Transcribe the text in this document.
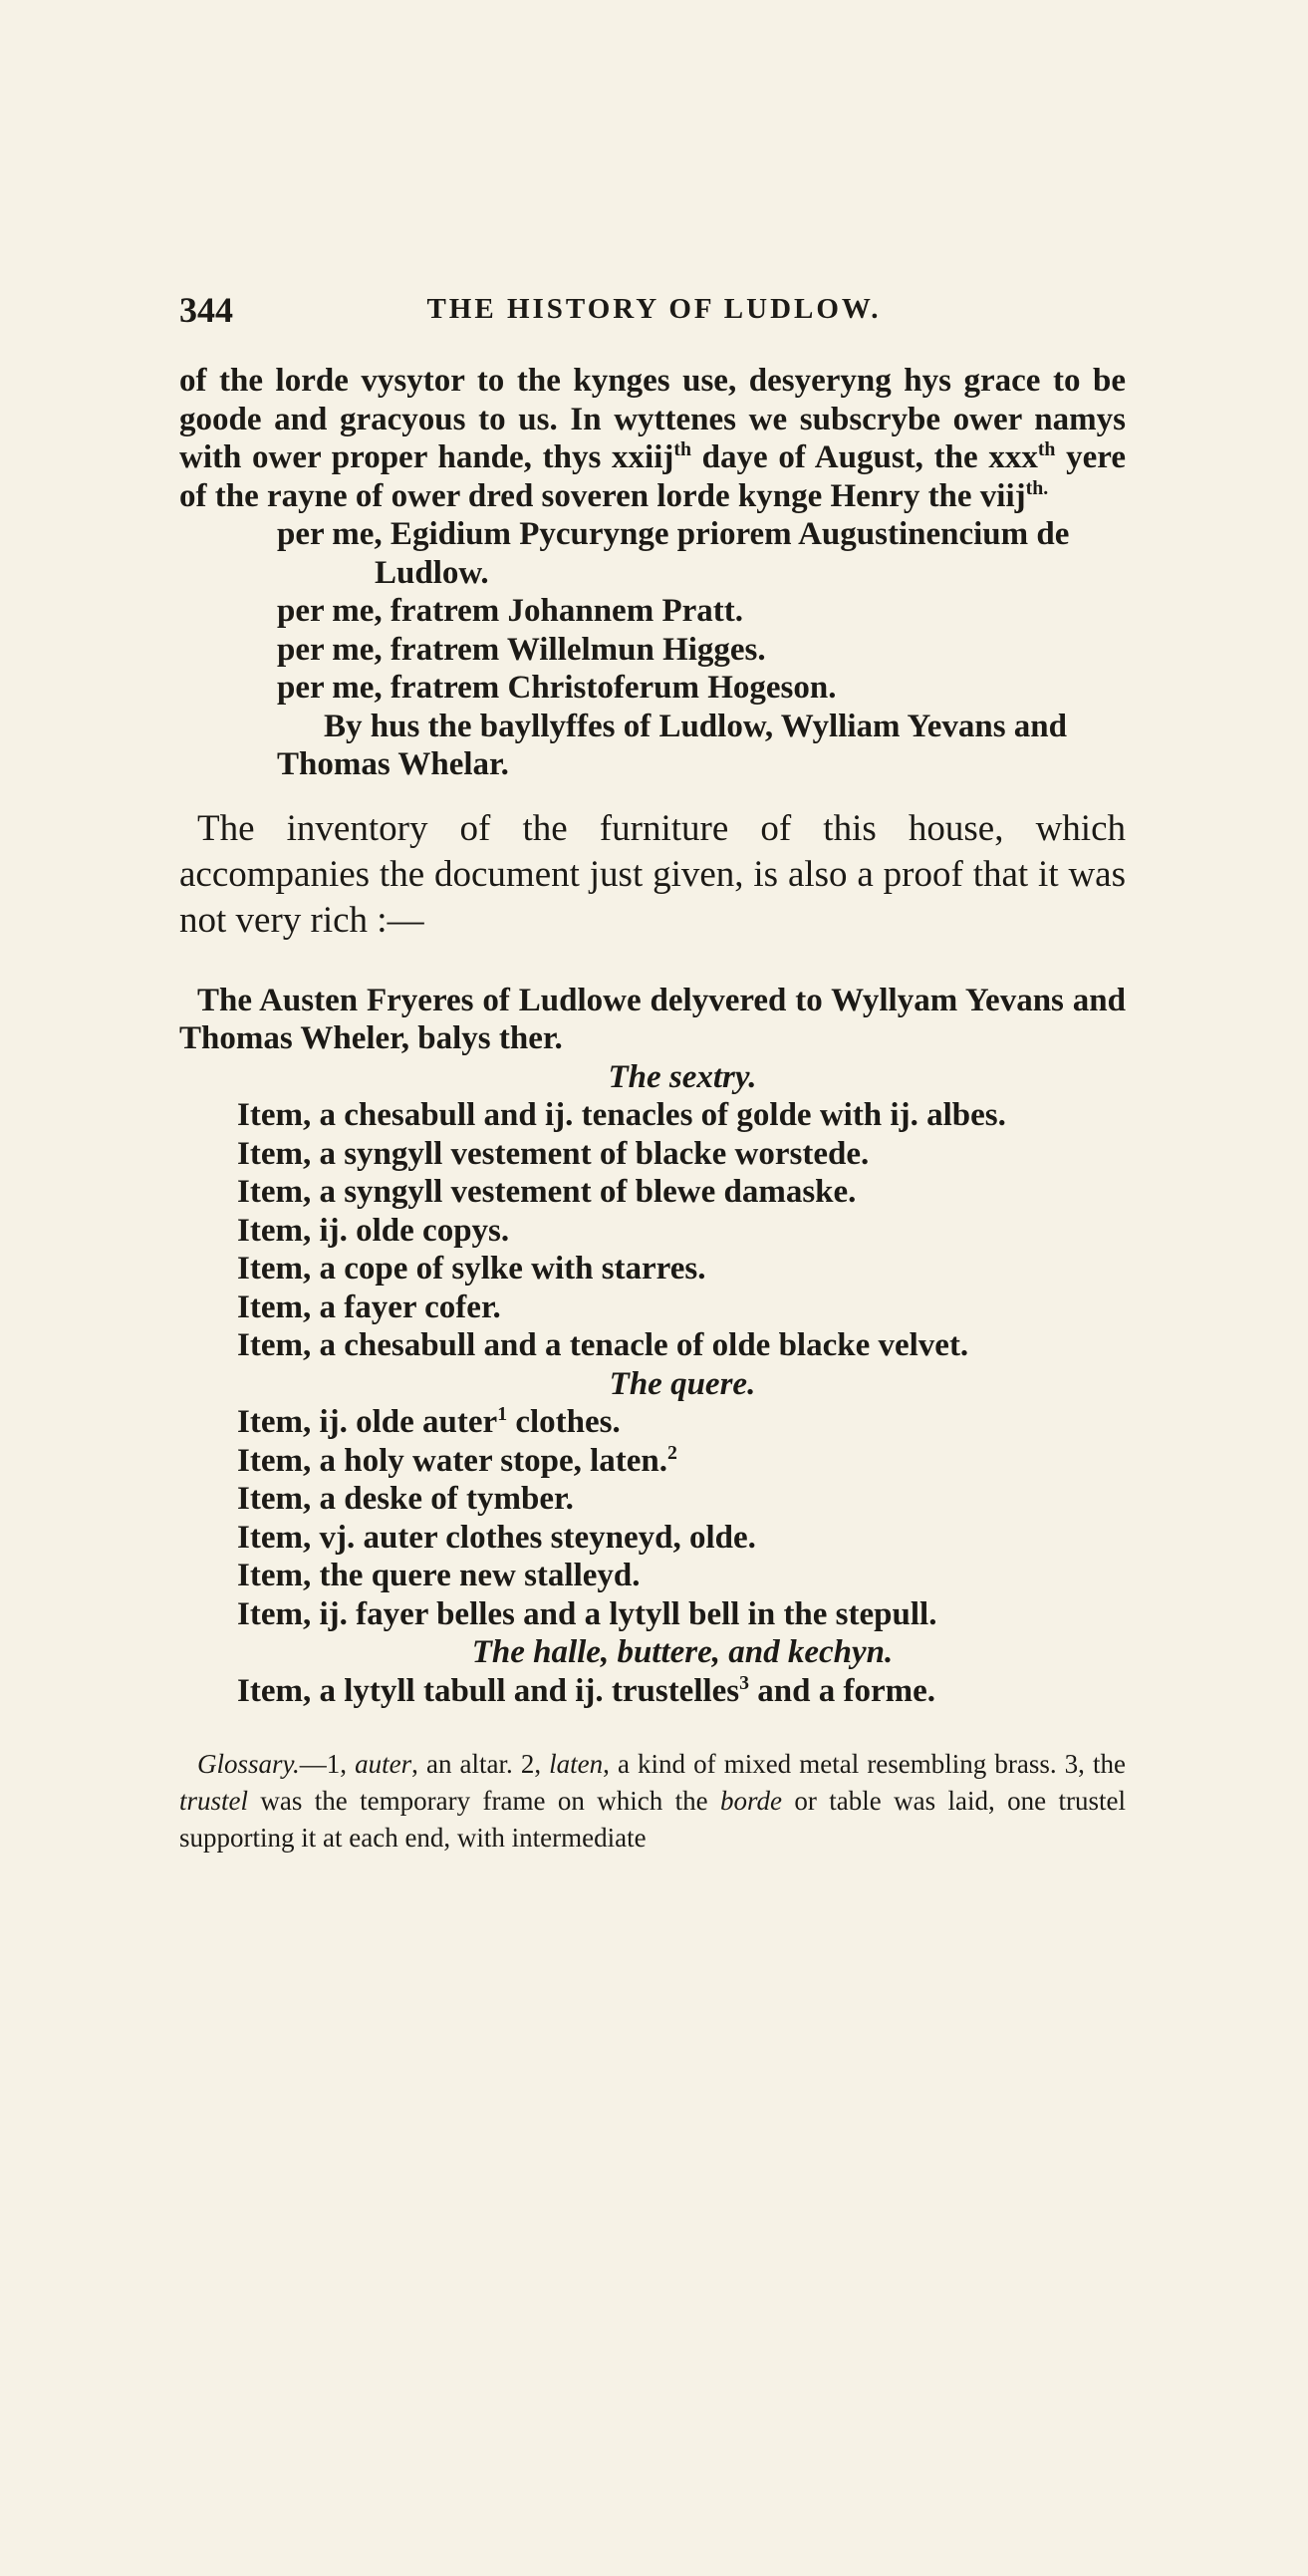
344	THE HISTORY OF LUDLOW.

of the lorde vysytor to the kynges use, desyeryng hys grace to be goode and gracyous to us. In wyttenes we subscrybe ower namys with ower proper hande, thys xxiij$^{th}$ daye of August, the xxx$^{th}$ yere of the rayne of ower dred soveren lorde kynge Henry the viij$^{th.}$

per me, Egidium Pycurynge priorem Augustinencium de

Ludlow.

per me, fratrem Johannem Pratt.

per me, fratrem Willelmun Higges.

per me, fratrem Christoferum Hogeson.

By hus the bayllyffes of Ludlow, Wylliam Yevans and

Thomas Whelar.

The inventory of the furniture of this house, which accompanies the document just given, is also a proof that it was not very rich :—

The Austen Fryeres of Ludlowe delyvered to Wyllyam Yevans and Thomas Wheler, balys ther.

The sextry.

Item, a chesabull and ij. tenacles of golde with ij. albes.

Item, a syngyll vestement of blacke worstede.

Item, a syngyll vestement of blewe damaske.

Item, ij. olde copys.

Item, a cope of sylke with starres.

Item, a fayer cofer.

Item, a chesabull and a tenacle of olde blacke velvet.

The quere.

Item, ij. olde auter$^1$ clothes.

Item, a holy water stope, laten.$^2$

Item, a deske of tymber.

Item, vj. auter clothes steyneyd, olde.

Item, the quere new stalleyd.

Item, ij. fayer belles and a lytyll bell in the stepull.

The halle, buttere, and kechyn.

Item, a lytyll tabull and ij. trustelles$^3$ and a forme.

Glossary.—1, auter, an altar. 2, laten, a kind of mixed metal resembling brass. 3, the trustel was the temporary frame on which the borde or table was laid, one trustel supporting it at each end, with intermediate
